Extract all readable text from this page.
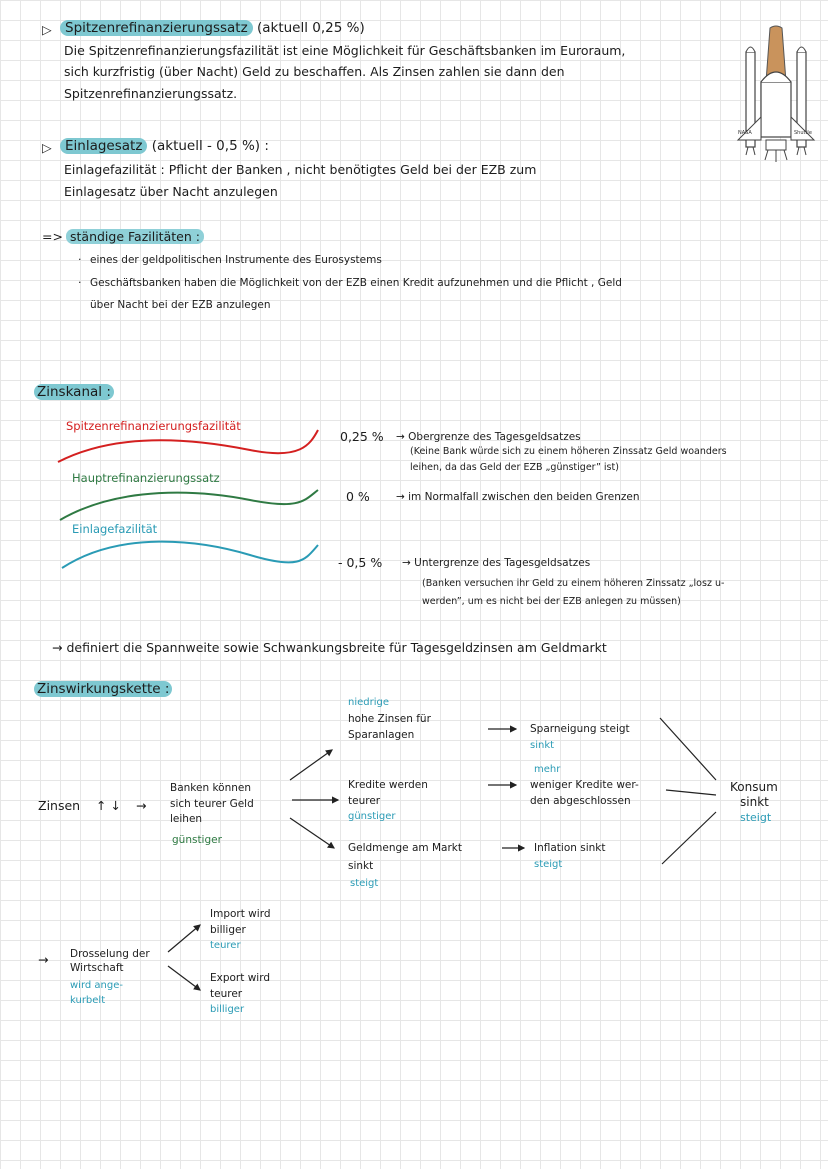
▷ Spitzenrefinanzierungssatz (aktuell 0,25 %)
Die Spitzenrefinanzierungsfazilität ist eine Möglichkeit für Geschäftsbanken im Euroraum,
sich kurzfristig (über Nacht) Geld zu beschaffen. Als Zinsen zahlen sie dann den
Spitzenrefinanzierungssatz.
NASA	Shuttle
▷ Einlagesatz (aktuell - 0,5 %) :
Einlagefazilität : Pflicht der Banken , nicht benötigtes Geld bei der EZB zum
Einlagesatz über Nacht anzulegen
=> ständige Fazilitäten :
· eines der geldpolitischen Instrumente des Eurosystems
· Geschäftsbanken haben die Möglichkeit von der EZB einen Kredit aufzunehmen und die Pflicht , Geld
über Nacht bei der EZB anzulegen
Zinskanal :
Spitzenrefinanzierungsfazilität
Hauptrefinanzierungssatz
Einlagefazilität
0,25 % → Obergrenze des Tagesgeldsatzes
(Keine Bank würde sich zu einem höheren Zinssatz Geld woanders
leihen, da das Geld der EZB „günstiger” ist)
0 % → im Normalfall zwischen den beiden Grenzen
- 0,5 % → Untergrenze des Tagesgeldsatzes
(Banken versuchen ihr Geld zu einem höheren Zinssatz „losz u-
werden”, um es nicht bei der EZB anlegen zu müssen)
→ definiert die Spannweite sowie Schwankungsbreite für Tagesgeldzinsen am Geldmarkt
Zinswirkungskette :
Zinsen ↑ ↓ →
Banken können
sich teurer Geld
leihen
günstiger
niedrige
hohe Zinsen für
Sparanlagen
Kredite werden
teurer
günstiger
Geldmenge am Markt
sinkt
steigt
Sparneigung steigt
sinkt
mehr
weniger Kredite wer-
den abgeschlossen
Inflation sinkt
steigt
Konsum
sinkt
steigt
→ Drosselung der
Wirtschaft
wird ange-
kurbelt
Import wird
billiger
teurer
Export wird
teurer
billiger
